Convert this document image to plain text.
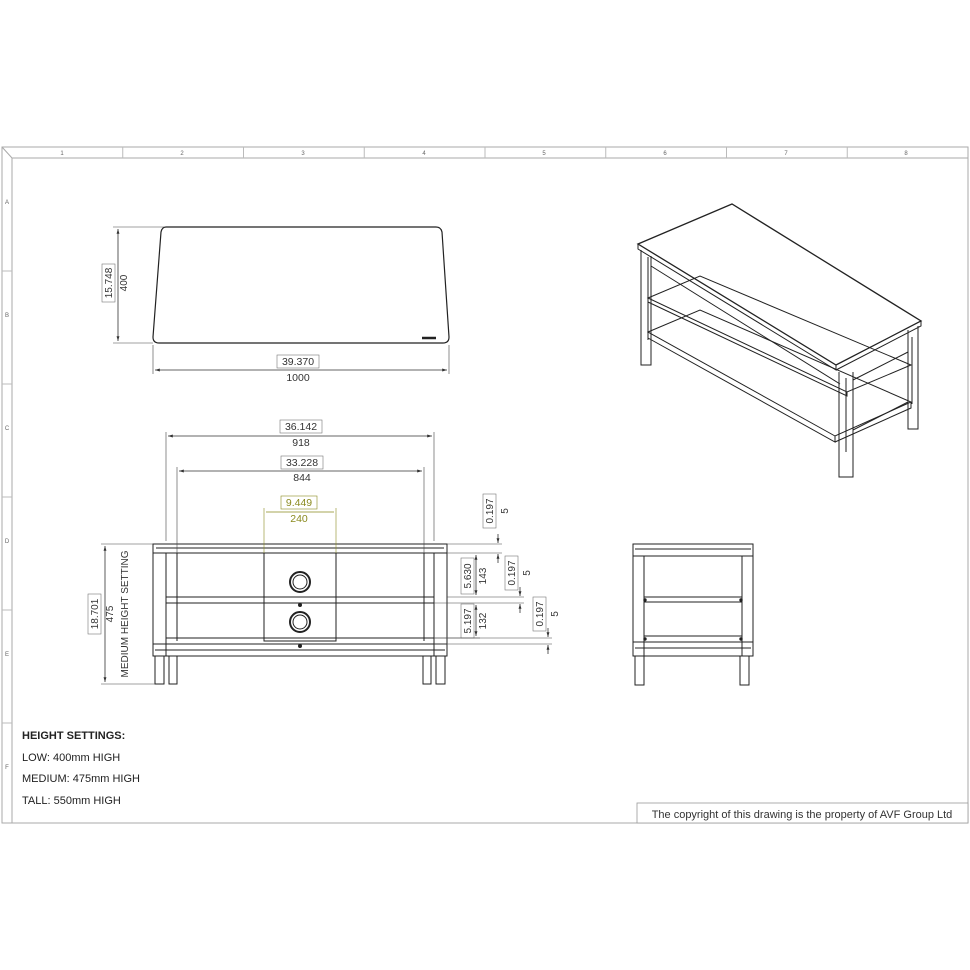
1	2	3	4	5	6	7	8
A
B
C
D
E
F
15.748 400
39.370
1000
36.142
918
33.228
844
9.449
240
18.701 475 MEDIUM HEIGHT SETTING
0.197 5
5.630 143 0.197 5
5.197 132	0.197 5
HEIGHT SETTINGS:
LOW: 400mm HIGH
MEDIUM: 475mm HIGH
TALL: 550mm HIGH
The copyright of this drawing is the property of AVF Group Ltd
